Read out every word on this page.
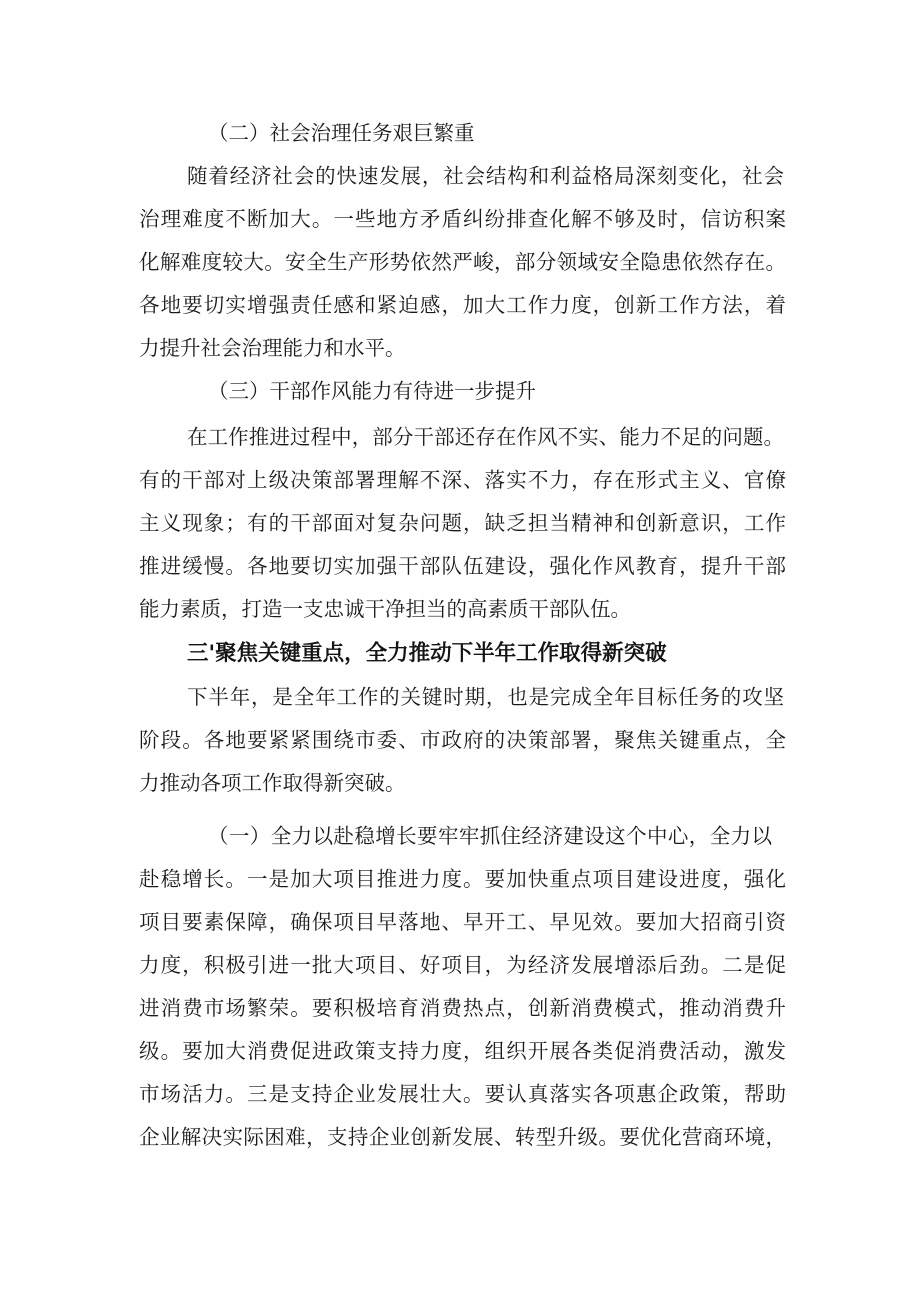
（二）社会治理任务艰巨繁重
随着经济社会的快速发展，社会结构和利益格局深刻变化，社会
治理难度不断加大。一些地方矛盾纠纷排查化解不够及时，信访积案
化解难度较大。安全生产形势依然严峻，部分领域安全隐患依然存在。
各地要切实增强责任感和紧迫感，加大工作力度，创新工作方法，着
力提升社会治理能力和水平。
（三）干部作风能力有待进一步提升
在工作推进过程中，部分干部还存在作风不实、能力不足的问题。
有的干部对上级决策部署理解不深、落实不力，存在形式主义、官僚
主义现象；有的干部面对复杂问题，缺乏担当精神和创新意识，工作
推进缓慢。各地要切实加强干部队伍建设，强化作风教育，提升干部
能力素质，打造一支忠诚干净担当的高素质干部队伍。
三'聚焦关键重点，全力推动下半年工作取得新突破
下半年，是全年工作的关键时期，也是完成全年目标任务的攻坚
阶段。各地要紧紧围绕市委、市政府的决策部署，聚焦关键重点，全
力推动各项工作取得新突破。
（一）全力以赴稳增长要牢牢抓住经济建设这个中心，全力以
赴稳增长。一是加大项目推进力度。要加快重点项目建设进度，强化
项目要素保障，确保项目早落地、早开工、早见效。要加大招商引资
力度，积极引进一批大项目、好项目，为经济发展增添后劲。二是促
进消费市场繁荣。要积极培育消费热点，创新消费模式，推动消费升
级。要加大消费促进政策支持力度，组织开展各类促消费活动，激发
市场活力。三是支持企业发展壮大。要认真落实各项惠企政策，帮助
企业解决实际困难，支持企业创新发展、转型升级。要优化营商环境，
